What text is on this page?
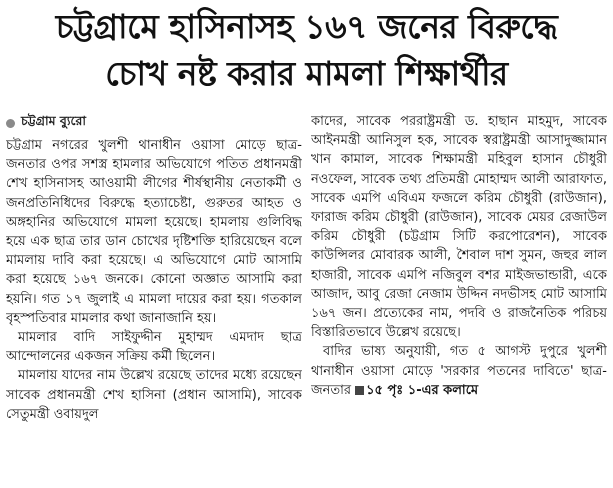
চট্টগ্রামে হাসিনাসহ ১৬৭ জনের বিরুদ্ধে
চোখ নষ্ট করার মামলা শিক্ষার্থীর
চট্টগ্রাম ব্যুরো

চট্টগ্রাম নগরের খুলশী থানাধীন ওয়াসা মোড়ে ছাত্র-জনতার ওপর সশস্ত্র হামলার অভিযোগে পতিত প্রধানমন্ত্রী শেখ হাসিনাসহ আওয়ামী লীগের শীর্ষস্থানীয় নেতাকর্মী ও জনপ্রতিনিধিদের বিরুদ্ধে হত্যাচেষ্টা, গুরুতর আহত ও অঙ্গহানির অভিযোগে মামলা হয়েছে। হামলায় গুলিবিদ্ধ হয়ে এক ছাত্র তার ডান চোখের দৃষ্টিশক্তি হারিয়েছেন বলে মামলায় দাবি করা হয়েছে। এ অভিযোগে মোট আসামি করা হয়েছে ১৬৭ জনকে। কোনো অজ্ঞাত আসামি করা হয়নি। গত ১৭ জুলাই এ মামলা দায়ের করা হয়। গতকাল বৃহস্পতিবার মামলার কথা জানাজানি হয়।

মামলার বাদি সাইফুদ্দীন মুহাম্মদ এমদাদ ছাত্র আন্দোলনের একজন সক্রিয় কর্মী ছিলেন।

মামলায় যাদের নাম উল্লেখ রয়েছে তাদের মধ্যে রয়েছেন সাবেক প্রধানমন্ত্রী শেখ হাসিনা (প্রধান আসামি), সাবেক সেতুমন্ত্রী ওবায়দুল

কাদের, সাবেক পররাষ্ট্রমন্ত্রী ড. হাছান মাহমুদ, সাবেক আইনমন্ত্রী আনিসুল হক, সাবেক স্বরাষ্ট্রমন্ত্রী আসাদুজ্জামান খান কামাল, সাবেক শিক্ষামন্ত্রী মহিবুল হাসান চৌধুরী নওফেল, সাবেক তথ্য প্রতিমন্ত্রী মোহাম্মদ আলী আরাফাত, সাবেক এমপি এবিএম ফজলে করিম চৌধুরী (রাউজান), ফারাজ করিম চৌধুরী (রাউজান), সাবেক মেয়র রেজাউল করিম চৌধুরী (চট্টগ্রাম সিটি করপোরেশন), সাবেক কাউন্সিলর মোবারক আলী, শৈবাল দাশ সুমন, জহুর লাল হাজারী, সাবেক এমপি নজিবুল বশর মাইজভান্ডারী, একে আজাদ, আবু রেজা নেজাম উদ্দিন নদভীসহ মোট আসামি ১৬৭ জন। প্রত্যেকের নাম, পদবি ও রাজনৈতিক পরিচয় বিস্তারিতভাবে উল্লেখ রয়েছে।

বাদির ভাষ্য অনুযায়ী, গত ৫ আগস্ট দুপুরে খুলশী থানাধীন ওয়াসা মোড়ে 'সরকার পতনের দাবিতে' ছাত্র-জনতার ১৫ পৃঃ ১-এর কলামে
